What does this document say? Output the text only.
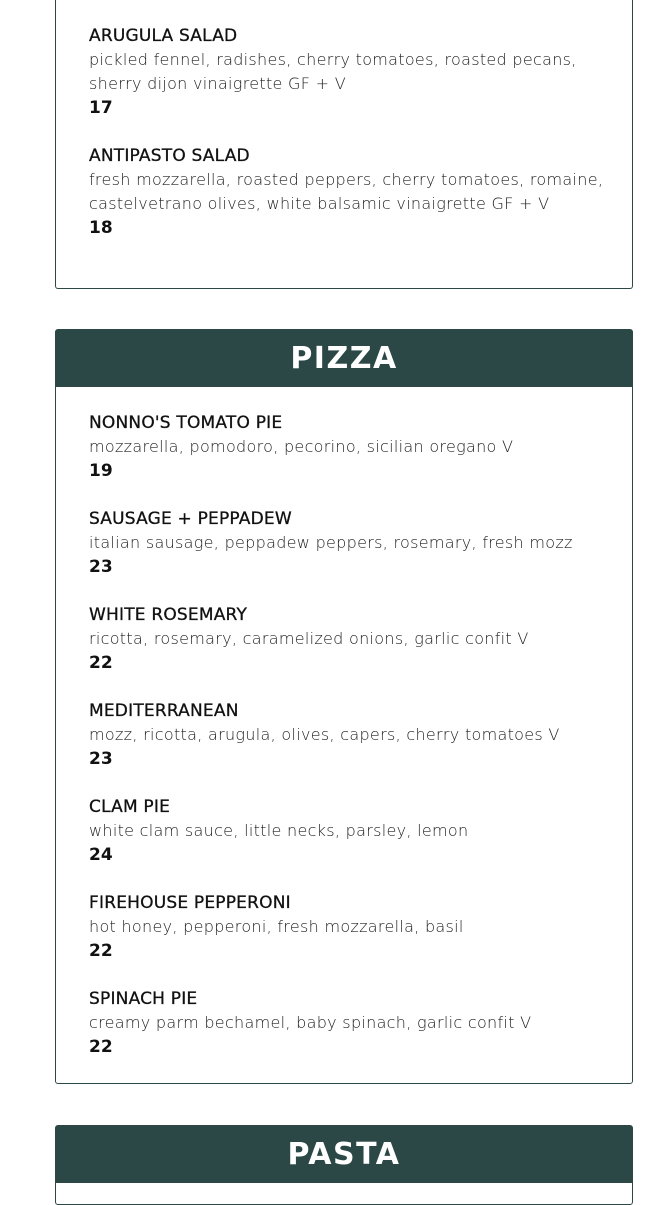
ARUGULA SALAD
pickled fennel, radishes, cherry tomatoes, roasted pecans, sherry dijon vinaigrette GF + V
17
ANTIPASTO SALAD
fresh mozzarella, roasted peppers, cherry tomatoes, romaine, castelvetrano olives, white balsamic vinaigrette GF + V
18
PIZZA
NONNO'S TOMATO PIE
mozzarella, pomodoro, pecorino, sicilian oregano V
19
SAUSAGE + PEPPADEW
italian sausage, peppadew peppers, rosemary, fresh mozz
23
WHITE ROSEMARY
ricotta, rosemary, caramelized onions, garlic confit V
22
MEDITERRANEAN
mozz, ricotta, arugula, olives, capers, cherry tomatoes V
23
CLAM PIE
white clam sauce, little necks, parsley, lemon
24
FIREHOUSE PEPPERONI
hot honey, pepperoni, fresh mozzarella, basil
22
SPINACH PIE
creamy parm bechamel, baby spinach, garlic confit V
22
PASTA
